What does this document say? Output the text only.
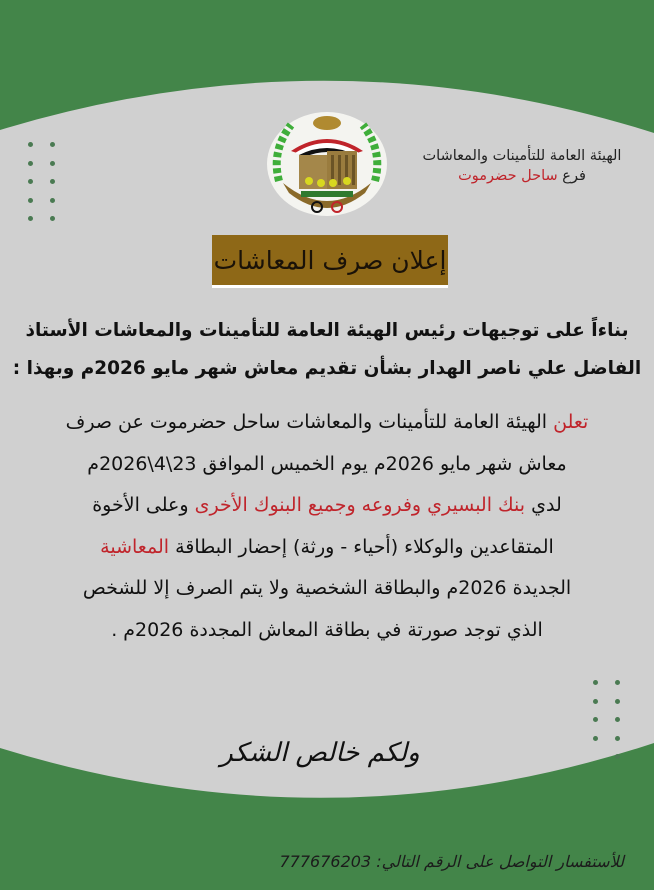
الهيئة العامة للتأمينات والمعاشات
فرع ساحل حضرموت
إعلان صرف المعاشات
بناءاً على توجيهات رئيس الهيئة العامة للتأمينات والمعاشات الأستاذ
الفاضل علي ناصر الهدار بشأن تقديم معاش شهر مايو 2026م وبهذا :
تعلن الهيئة العامة للتأمينات والمعاشات ساحل حضرموت عن صرف
معاش شهر مايو 2026م يوم الخميس الموافق 23\4\2026م
لدي بنك البسيري وفروعه وجميع البنوك الأخرى وعلى الأخوة
المتقاعدين والوكلاء (أحياء - ورثة) إحضار البطاقة المعاشية
الجديدة 2026م والبطاقة الشخصية ولا يتم الصرف إلا للشخص
الذي توجد صورتة في بطاقة المعاش المجددة 2026م .
ولكم خالص الشكر
للأستفسار التواصل على الرقم التالي: 777676203
